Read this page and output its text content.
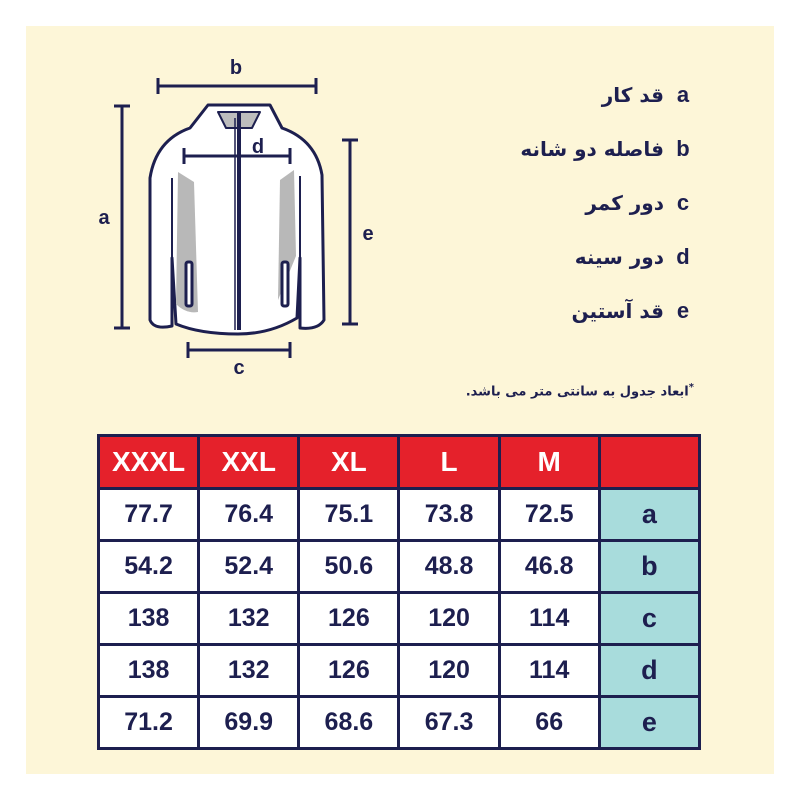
b
d
a
e
c
a
قد کار
b
فاصله دو شانه
c
دور کمر
d
دور سینه
e
قد آستین
*ابعاد جدول به سانتی متر می باشد.
XXXL	XXL	XL	L	M	
77.7	76.4	75.1	73.8	72.5	a
54.2	52.4	50.6	48.8	46.8	b
138	132	126	120	114	c
138	132	126	120	114	d
71.2	69.9	68.6	67.3	66	e
